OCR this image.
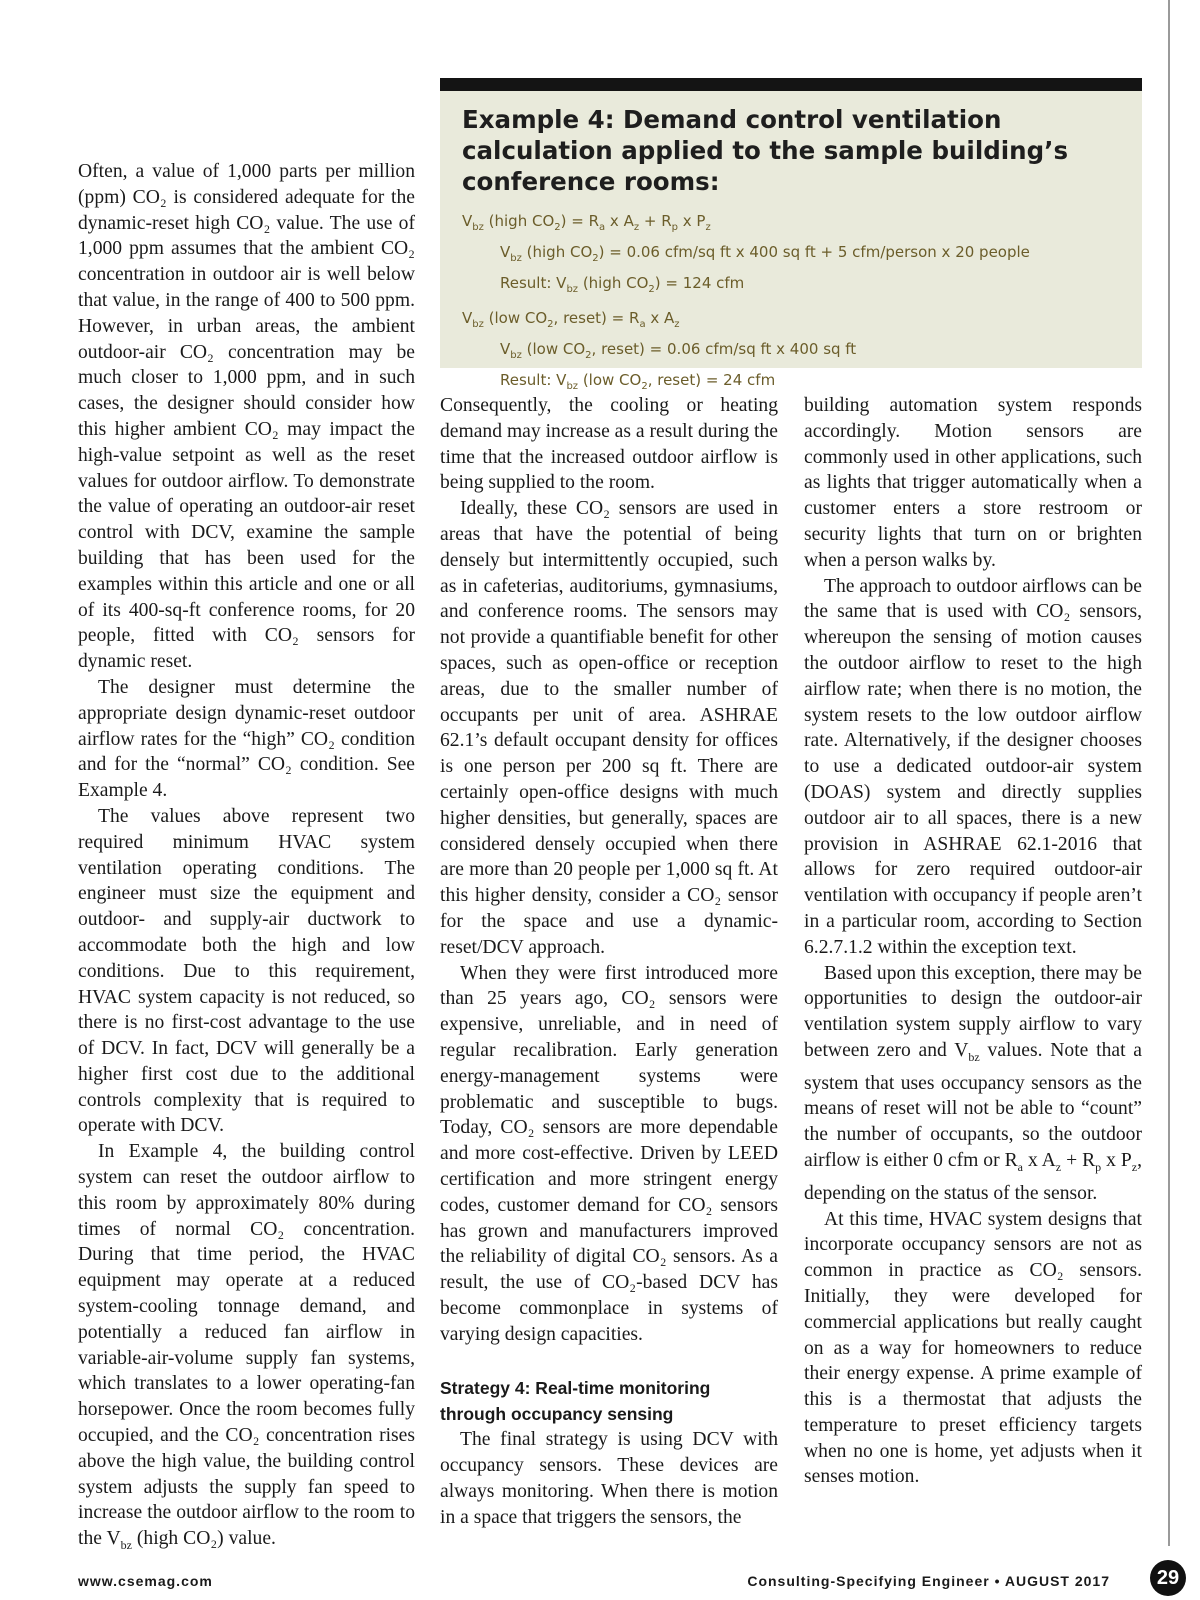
Example 4: Demand control ventilation calculation applied to the sample building’s conference rooms:
$V_{bz}$ (high $CO_2) = R_a$ x $A_z + R_p$ x $P_z$
$V_{bz}$ (high $CO_2) = 0.06$ cfm/sq ft x 400 sq ft + 5 cfm/person x 20 people
Result: $V_{bz}$ (high $CO_2) = 124$ cfm
$V_{bz}$ (low $CO_2$, reset) = $R_a$ x $A_z$
$V_{bz}$ (low $CO_2$, reset) = 0.06 cfm/sq ft x 400 sq ft
Result: $V_{bz}$ (low $CO_2$, reset) = 24 cfm

Often, a value of 1,000 parts per million (ppm) CO₂ is considered adequate for the dynamic-reset high CO₂ value. The use of 1,000 ppm assumes that the ambient CO₂ concentration in outdoor air is well below that value, in the range of 400 to 500 ppm. However, in urban areas, the ambient outdoor-air CO₂ concentration may be much closer to 1,000 ppm, and in such cases, the designer should consider how this higher ambient CO₂ may impact the high-value setpoint as well as the reset values for outdoor airflow. To demonstrate the value of operating an outdoor-air reset control with DCV, examine the sample building that has been used for the examples within this article and one or all of its 400-sq-ft conference rooms, for 20 people, fitted with CO₂ sensors for dynamic reset.

The designer must determine the appropriate design dynamic-reset outdoor airflow rates for the “high” CO₂ condition and for the “normal” CO₂ condition. See Example 4.

The values above represent two required minimum HVAC system ventilation operating conditions. The engineer must size the equipment and outdoor- and supply-air ductwork to accommodate both the high and low conditions. Due to this requirement, HVAC system capacity is not reduced, so there is no first-cost advantage to the use of DCV. In fact, DCV will generally be a higher first cost due to the additional controls complexity that is required to operate with DCV.

In Example 4, the building control system can reset the outdoor airflow to this room by approximately 80% during times of normal CO₂ concentration. During that time period, the HVAC equipment may operate at a reduced system-cooling tonnage demand, and potentially a reduced fan airflow in variable-air-volume supply fan systems, which translates to a lower operating-fan horsepower. Once the room becomes fully occupied, and the CO₂ concentration rises above the high value, the building control system adjusts the supply fan speed to increase the outdoor airflow to the room to the $V_{bz}$ (high CO₂) value.

Consequently, the cooling or heating demand may increase as a result during the time that the increased outdoor airflow is being supplied to the room.

Ideally, these CO₂ sensors are used in areas that have the potential of being densely but intermittently occupied, such as in cafeterias, auditoriums, gymnasiums, and conference rooms. The sensors may not provide a quantifiable benefit for other spaces, such as open-office or reception areas, due to the smaller number of occupants per unit of area. ASHRAE 62.1’s default occupant density for offices is one person per 200 sq ft. There are certainly open-office designs with much higher densities, but generally, spaces are considered densely occupied when there are more than 20 people per 1,000 sq ft. At this higher density, consider a CO₂ sensor for the space and use a dynamic-reset/DCV approach.

When they were first introduced more than 25 years ago, CO₂ sensors were expensive, unreliable, and in need of regular recalibration. Early generation energy-management systems were problematic and susceptible to bugs. Today, CO₂ sensors are more dependable and more cost-effective. Driven by LEED certification and more stringent energy codes, customer demand for CO₂ sensors has grown and manufacturers improved the reliability of digital CO₂ sensors. As a result, the use of CO₂-based DCV has become commonplace in systems of varying design capacities.

Strategy 4: Real-time monitoring through occupancy sensing

The final strategy is using DCV with occupancy sensors. These devices are always monitoring. When there is motion in a space that triggers the sensors, the

building automation system responds accordingly. Motion sensors are commonly used in other applications, such as lights that trigger automatically when a customer enters a store restroom or security lights that turn on or brighten when a person walks by.

The approach to outdoor airflows can be the same that is used with CO₂ sensors, whereupon the sensing of motion causes the outdoor airflow to reset to the high airflow rate; when there is no motion, the system resets to the low outdoor airflow rate. Alternatively, if the designer chooses to use a dedicated outdoor-air system (DOAS) system and directly supplies outdoor air to all spaces, there is a new provision in ASHRAE 62.1-2016 that allows for zero required outdoor-air ventilation with occupancy if people aren’t in a particular room, according to Section 6.2.7.1.2 within the exception text.

Based upon this exception, there may be opportunities to design the outdoor-air ventilation system supply airflow to vary between zero and $V_{bz}$ values. Note that a system that uses occupancy sensors as the means of reset will not be able to “count” the number of occupants, so the outdoor airflow is either 0 cfm or $R_a$ x $A_z + R_p$ x $P_z$, depending on the status of the sensor.

At this time, HVAC system designs that incorporate occupancy sensors are not as common in practice as CO₂ sensors. Initially, they were developed for commercial applications but really caught on as a way for homeowners to reduce their energy expense. A prime example of this is a thermostat that adjusts the temperature to preset efficiency targets when no one is home, yet adjusts when it senses motion.

www.csemag.com	Consulting-Specifying Engineer • AUGUST 2017	29
